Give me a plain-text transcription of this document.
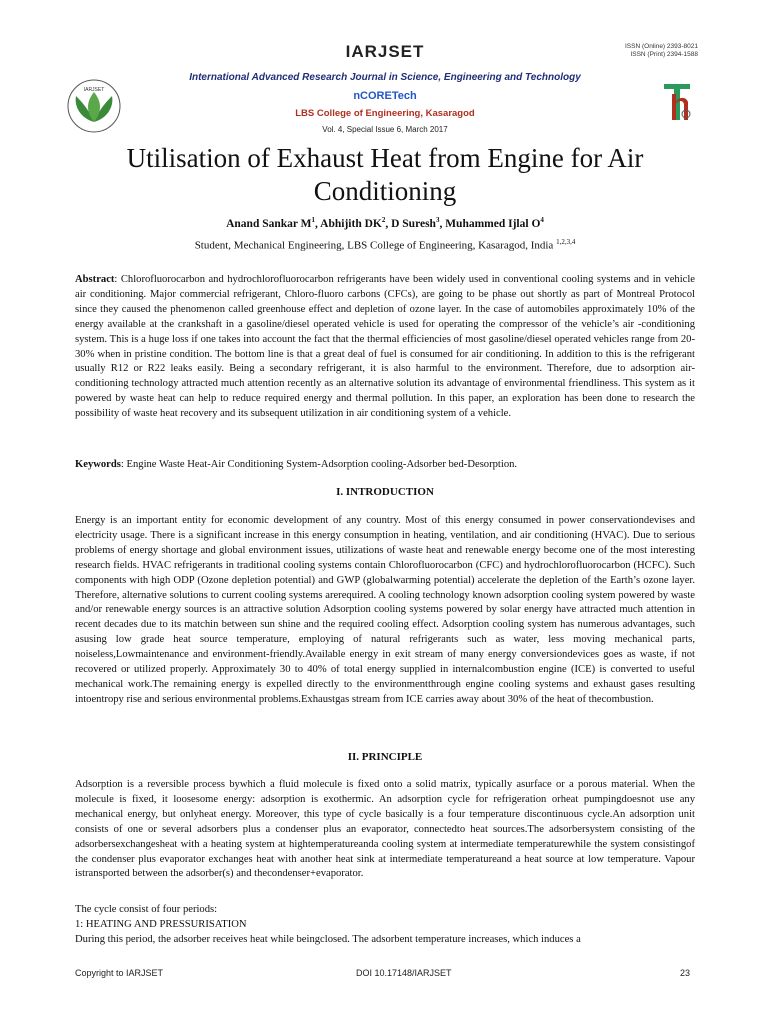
IARJSET	ISSN (Online) 2393-8021
ISSN (Print) 2394-1588
IARJSET
International Advanced Research Journal in Science, Engineering and Technology
nCORETech
LBS College of Engineering, Kasaragod
Vol. 4, Special Issue 6, March 2017
Utilisation of Exhaust Heat from Engine for Air Conditioning
Anand Sankar $M^1$, Abhijith $DK^2$, D Suresh$^3$, Muhammed Ijlal $O^4$
Student, Mechanical Engineering, LBS College of Engineering, Kasaragod, India $^{1,2,3,4}$
Abstract: Chlorofluorocarbon and hydrochlorofluorocarbon refrigerants have been widely used in conventional cooling systems and in vehicle air conditioning. Major commercial refrigerant, Chloro-fluoro carbons (CFCs), are going to be phase out shortly as part of Montreal Protocol since they caused the phenomenon called greenhouse effect and depletion of ozone layer. In the case of automobiles approximately 10% of the energy available at the crankshaft in a gasoline/diesel operated vehicle is used for operating the compressor of the vehicle’s air -conditioning system. This is a huge loss if one takes into account the fact that the thermal efficiencies of most gasoline/diesel operated vehicles range from 20-30% when in pristine condition. The bottom line is that a great deal of fuel is consumed for air conditioning. In addition to this is the refrigerant usually R12 or R22 leaks easily. Being a secondary refrigerant, it is also harmful to the environment. Therefore, due to adsorption air-conditioning technology attracted much attention recently as an alternative solution its advantage of environmental friendliness. This system as it powered by waste heat can help to reduce required energy and thermal pollution. In this paper, an exploration has been done to research the possibility of waste heat recovery and its subsequent utilization in air conditioning system of a vehicle.
Keywords: Engine Waste Heat-Air Conditioning System-Adsorption cooling-Adsorber bed-Desorption.
I. INTRODUCTION
Energy is an important entity for economic development of any country. Most of this energy consumed in power conservationdevises and electricity usage. There is a significant increase in this energy consumption in heating, ventilation, and air conditioning (HVAC). Due to serious problems of energy shortage and global environment issues, utilizations of waste heat and renewable energy become one of the most interesting research fields. HVAC refrigerants in traditional cooling systems contain Chlorofluorocarbon (CFC) and hydrochlorofluorocarbon (HCFC). Such components with high ODP (Ozone depletion potential) and GWP (globalwarming potential) accelerate the depletion of the Earth’s ozone layer. Therefore, alternative solutions to current cooling systems arerequired. A cooling technology known adsorption cooling system powered by waste and/or renewable energy sources is an attractive solution Adsorption cooling systems powered by solar energy have attracted much attention in recent decades due to its matchin between sun shine and the required cooling effect. Adsorption cooling system has numerous advantages, such asusing low grade heat source temperature, employing of natural refrigerants such as water, less moving mechanical parts, noiseless,Lowmaintenance and environment-friendly.Available energy in exit stream of many energy conversiondevices goes as waste, if not recovered or utilized properly. Approximately 30 to 40% of total energy supplied in internalcombustion engine (ICE) is converted to useful mechanical work.The remaining energy is expelled directly to the environmentthrough engine cooling systems and exhaust gases resulting intoentropy rise and serious environmental problems.Exhaustgas stream from ICE carries away about 30% of the heat of thecombustion.
II. PRINCIPLE
Adsorption is a reversible process bywhich a fluid molecule is fixed onto a solid matrix, typically asurface or a porous material. When the molecule is fixed, it loosesome energy: adsorption is exothermic. An adsorption cycle for refrigeration orheat pumpingdoesnot use any mechanical energy, but onlyheat energy. Moreover, this type of cycle basically is a four temperature discontinuous cycle.An adsorption unit consists of one or several adsorbers plus a condenser plus an evaporator, connectedto heat sources.The adsorbersystem consisting of the adsorbersexchangesheat with a heating system at hightemperatureanda cooling system at intermediate temperaturewhile the system consistingof the condenser plus evaporator exchanges heat with another heat sink at intermediate temperatureand a heat source at low temperature. Vapour istransported between the adsorber(s) and thecondenser+evaporator.
The cycle consist of four periods:
1: HEATING AND PRESSURISATION
During this period, the adsorber receives heat while beingclosed. The adsorbent temperature increases, which induces a
Copyright to IARJSET	DOI 10.17148/IARJSET	23
